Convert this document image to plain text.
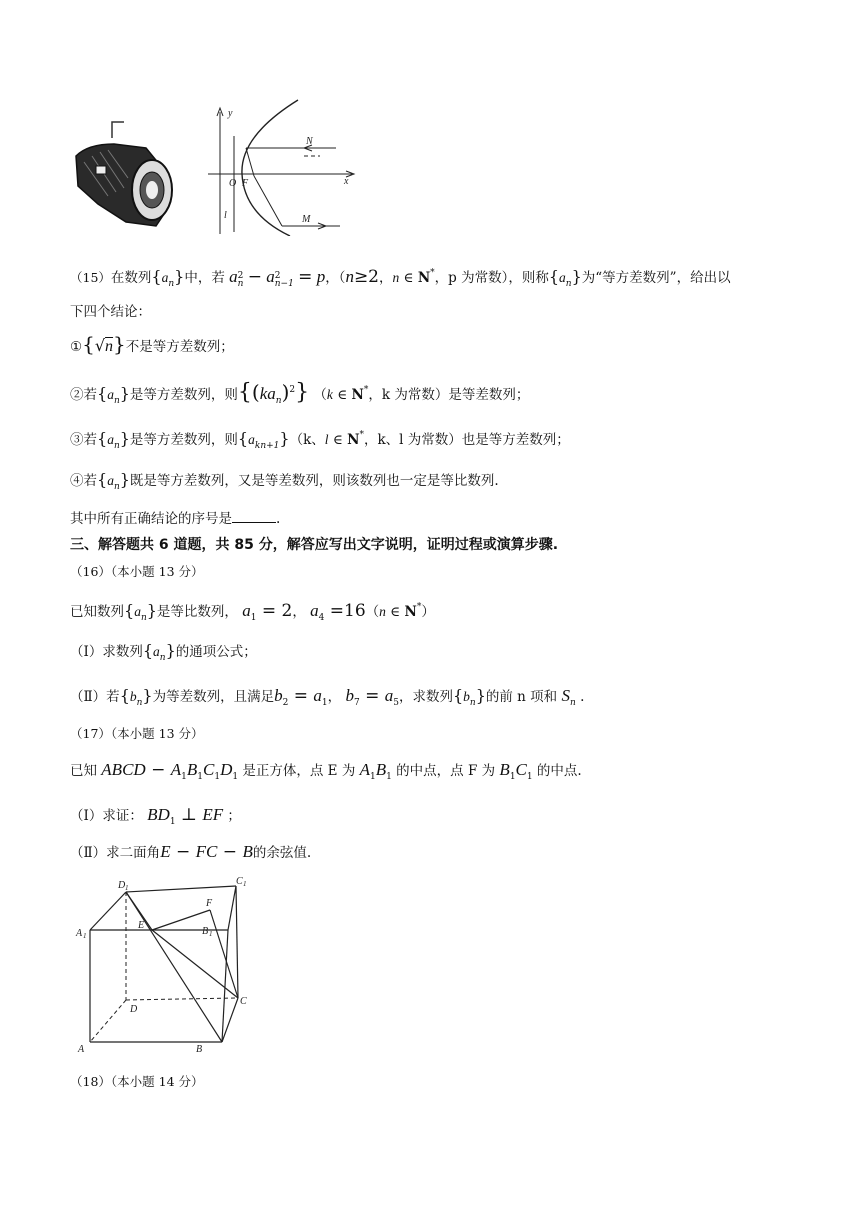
y
x
O F
l
N
M
（15）在数列$\{a_n\}$中，若 a $_{2 n}$ − a $_{2 n-1}$ = p，（n≥2，n ∈ N*，p 为常数），则称$\{a_n\}$为“等方差数列”，给出以
下四个结论：
①{√n}不是等方差数列；
②若$\{a_n\}$是等方差数列，则$\{(ka_n)^2\}$ （k ∈ N*，k 为常数）是等差数列；
③若$\{a_n\}$是等方差数列，则$\{a_{kn+1}\}(k$、l ∈ N*，k、l 为常数）也是等方差数列；
④若$\{a_n\}$既是等方差数列，又是等差数列，则该数列也一定是等比数列.
其中所有正确结论的序号是	.
三、解答题共 6 道题，共 85 分，解答应写出文字说明，证明过程或演算步骤.
（16）（本小题 13 分）
已知数列$\{a_n\}$是等比数列， $a_1 = 2$， $a_4 =16(n$ ∈ N*）
（Ⅰ）求数列$\{a_n\}$的通项公式；
（Ⅱ）若$\{b_n\}$为等差数列，且满足$b_2 = a_1$， $b_7 = a_5$，求数列$\{b_n\}$的前 n 项和 $S_n$ .
（17）（本小题 13 分）
已知 ABCD − $A_1B_1C_1D_1$ 是正方体，点 E 为 $A_1B_1$ 的中点，点 F 为 $B_1C_1$ 的中点.
（Ⅰ）求证： $BD_1$ ⊥ EF ；
（Ⅱ）求二面角E − FC − B的余弦值.
D 1
C 1
A 1
E
F
B 1
D
C
A	B
（18）（本小题 14 分）
